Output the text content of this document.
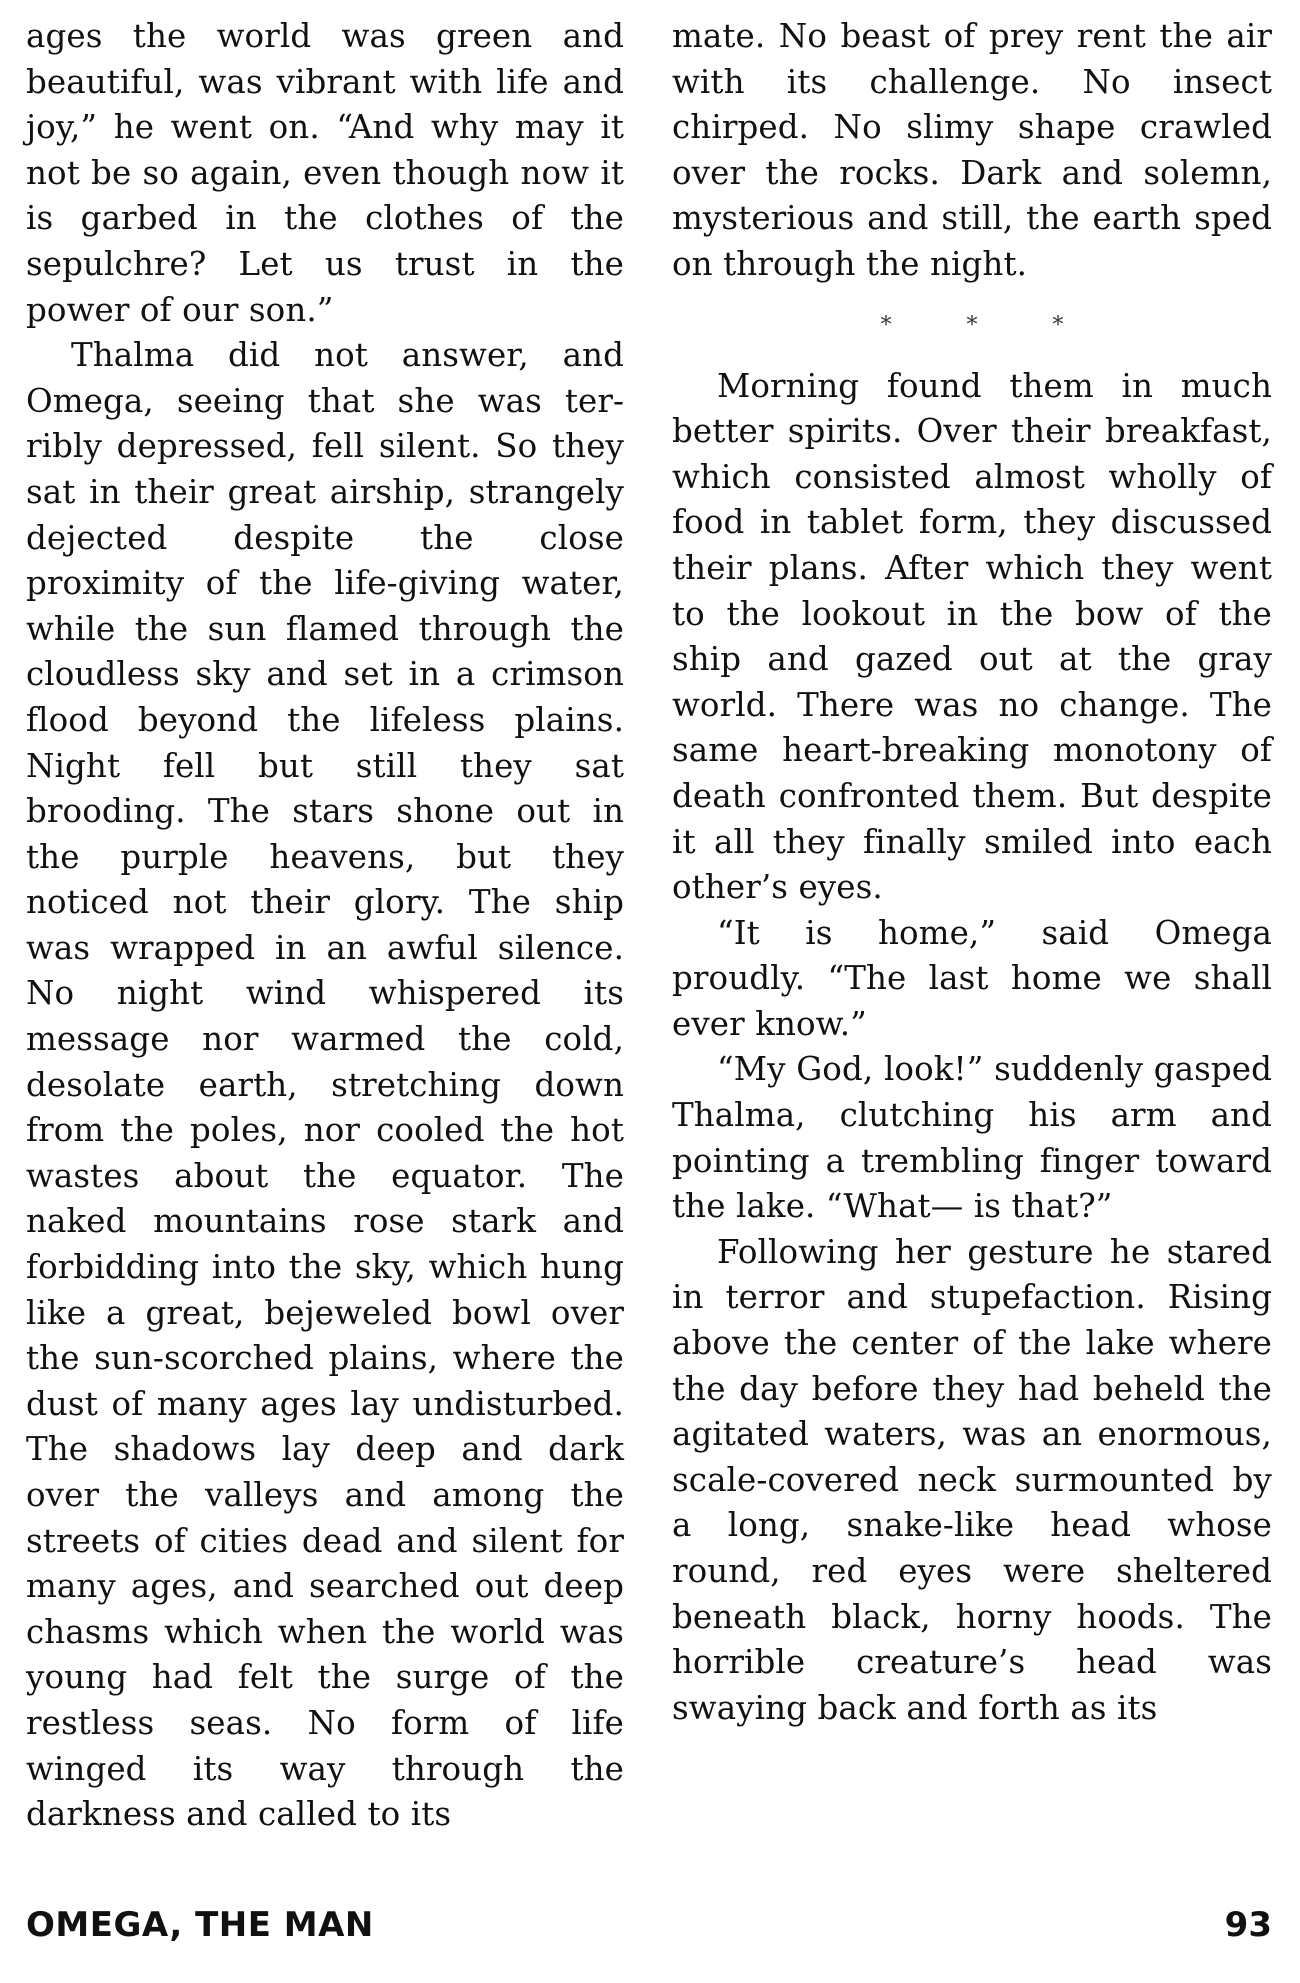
ages the world was green and beautiful, was vibrant with life and joy,” he went on. “And why may it not be so again, even though now it is garbed in the clothes of the sepulchre? Let us trust in the power of our son.”

Thalma did not answer, and Omega, seeing that she was terribly depressed, fell silent. So they sat in their great airship, strangely dejected despite the close proximity of the life-giving water, while the sun flamed through the cloudless sky and set in a crimson flood beyond the lifeless plains. Night fell but still they sat brooding. The stars shone out in the purple heavens, but they noticed not their glory. The ship was wrapped in an awful silence. No night wind whispered its message nor warmed the cold, desolate earth, stretching down from the poles, nor cooled the hot wastes about the equator. The naked mountains rose stark and forbidding into the sky, which hung like a great, bejeweled bowl over the sun-scorched plains, where the dust of many ages lay undisturbed. The shadows lay deep and dark over the valleys and among the streets of cities dead and silent for many ages, and searched out deep chasms which when the world was young had felt the surge of the restless seas. No form of life winged its way through the darkness and called to its

mate. No beast of prey rent the air with its challenge. No insect chirped. No slimy shape crawled over the rocks. Dark and solemn, mysterious and still, the earth sped on through the night.

* * *

Morning found them in much better spirits. Over their breakfast, which consisted almost wholly of food in tablet form, they discussed their plans. After which they went to the lookout in the bow of the ship and gazed out at the gray world. There was no change. The same heart-breaking monotony of death confronted them. But despite it all they finally smiled into each other’s eyes.

“It is home,” said Omega proudly. “The last home we shall ever know.”

“My God, look!” suddenly gasped Thalma, clutching his arm and pointing a trembling finger toward the lake. “What— is that?”

Following her gesture he stared in terror and stupefaction. Rising above the center of the lake where the day before they had beheld the agitated waters, was an enormous, scale-covered neck surmounted by a long, snake-like head whose round, red eyes were sheltered beneath black, horny hoods. The horrible creature’s head was swaying back and forth as its

OMEGA, THE MAN	93
